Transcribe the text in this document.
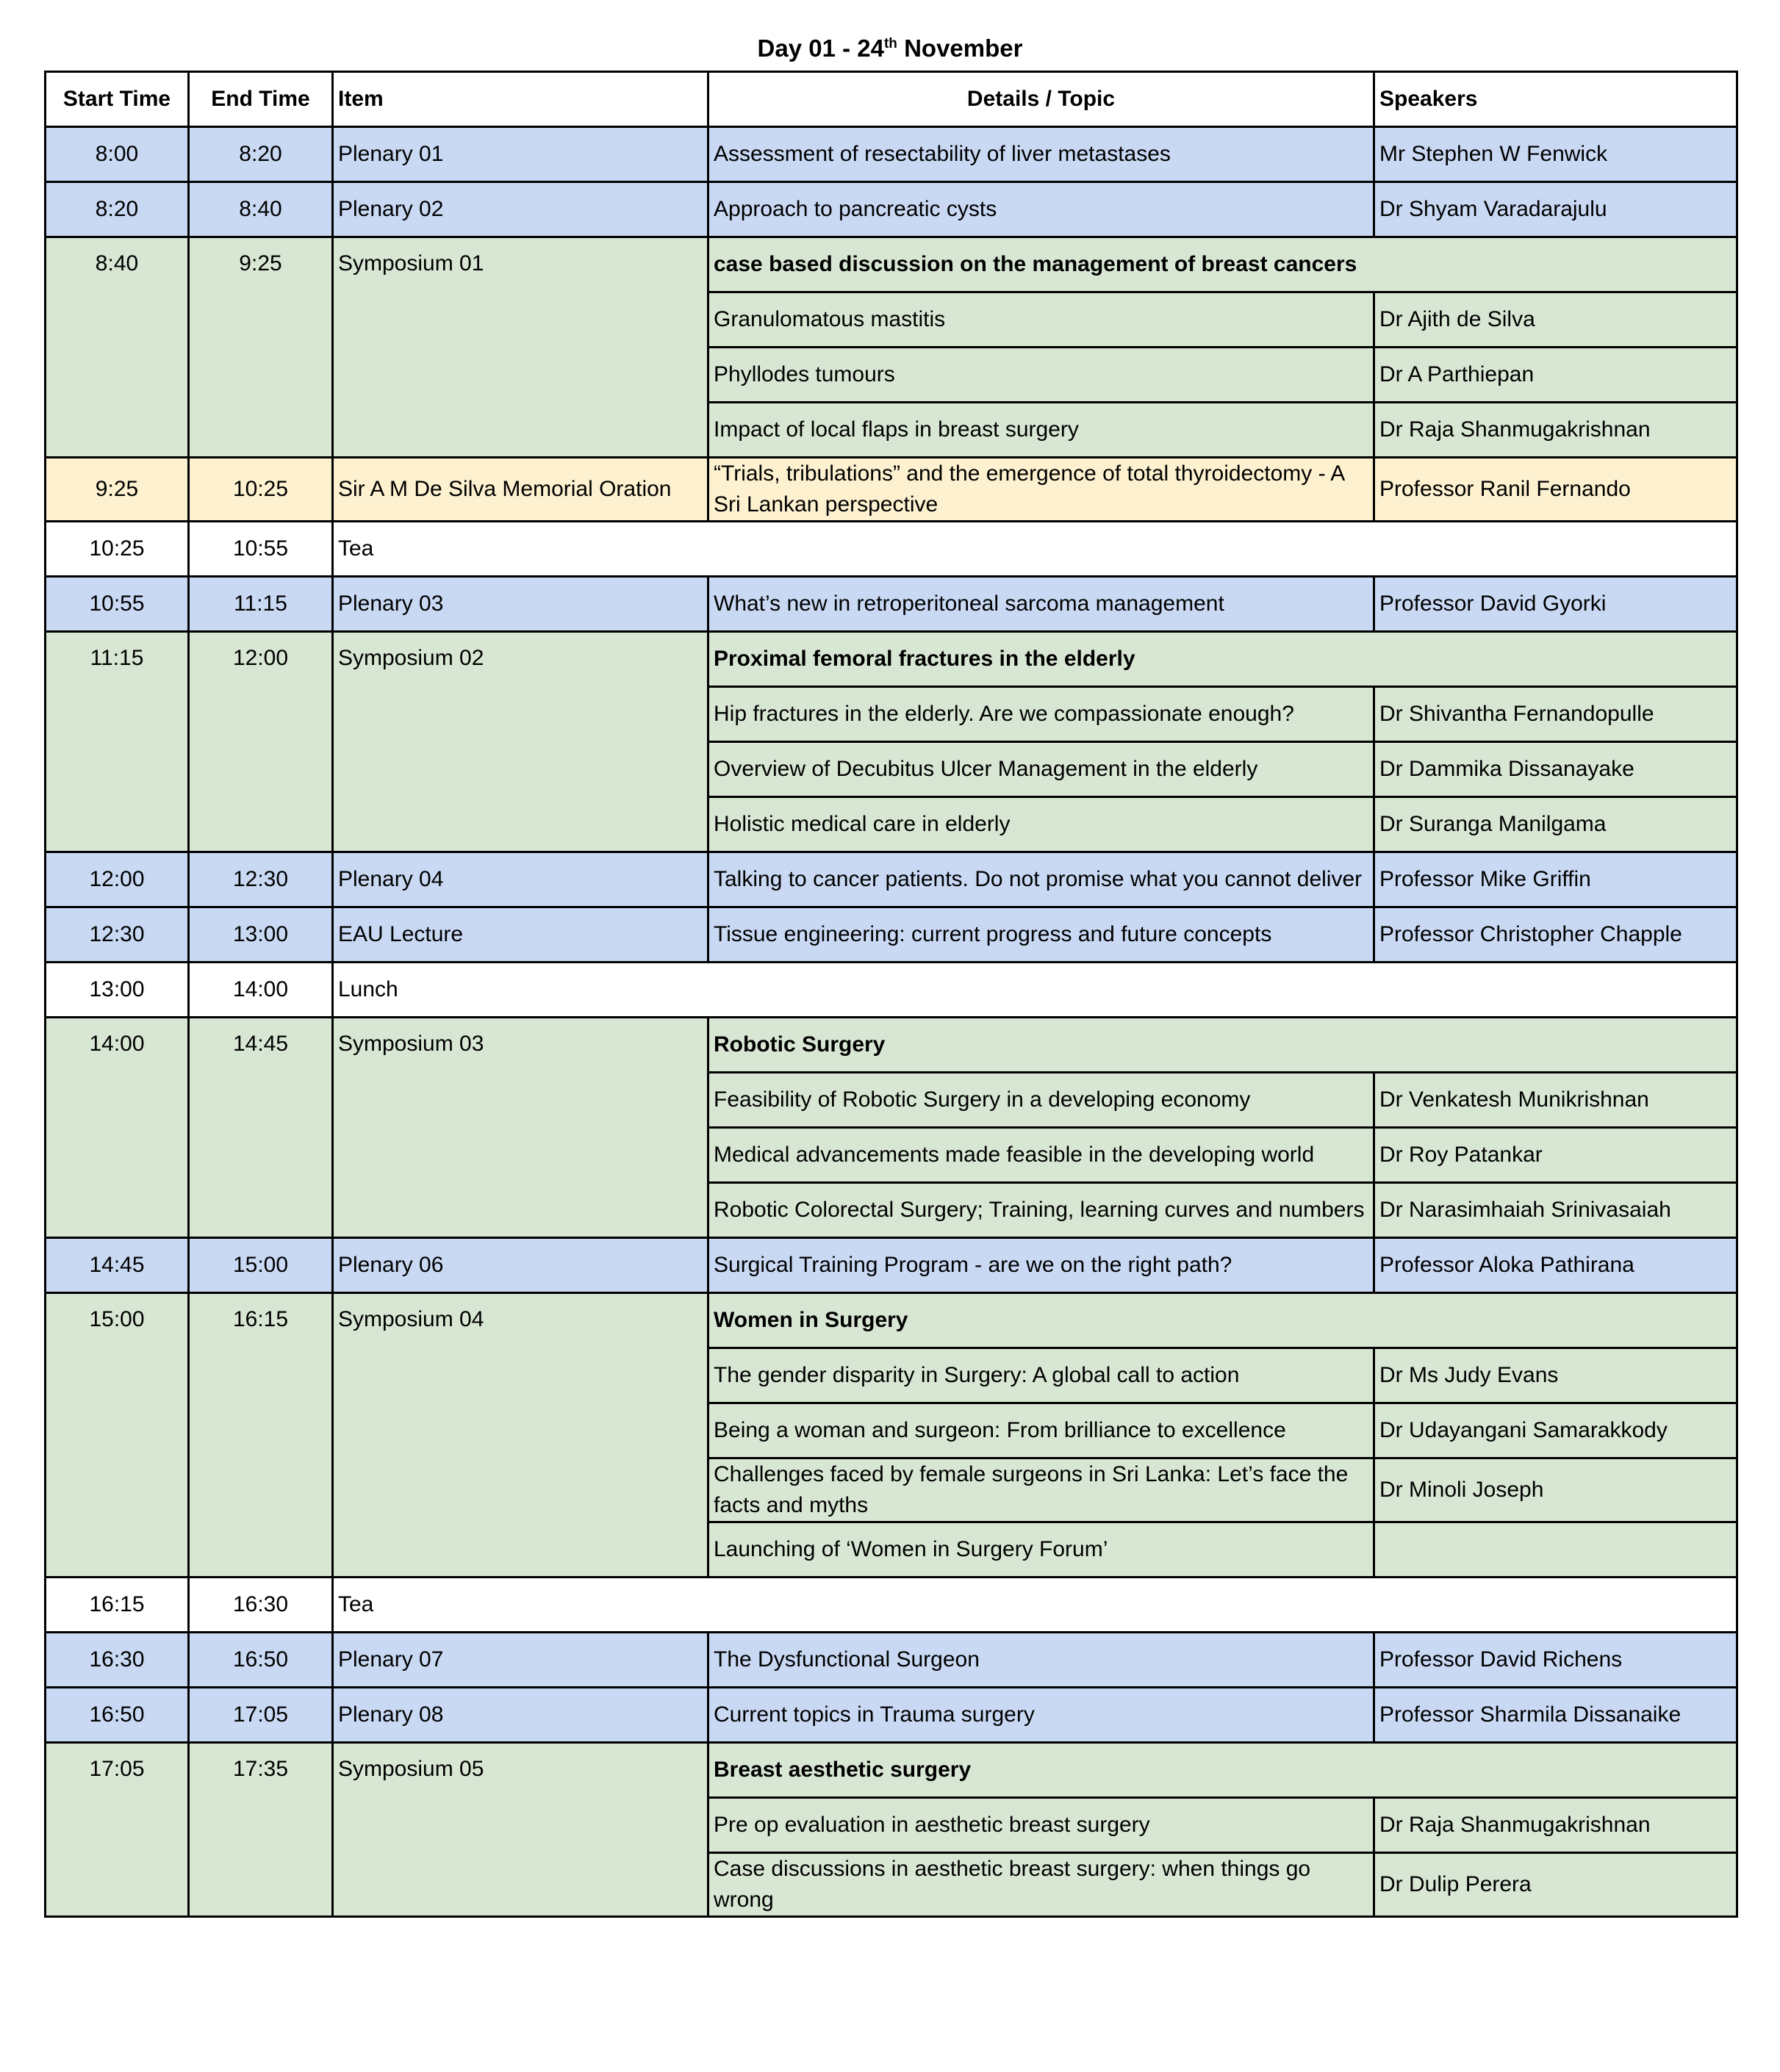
Day 01 - 24th November
Start Time	End Time	Item	Details / Topic	Speakers
8:00	8:20	Plenary 01	Assessment of resectability of liver metastases	Mr Stephen W Fenwick
8:20	8:40	Plenary 02	Approach to pancreatic cysts	Dr Shyam Varadarajulu
8:40	9:25	Symposium 01	case based discussion on the management of breast cancers	
			Granulomatous mastitis	Dr Ajith de Silva
			Phyllodes tumours	Dr A Parthiepan
			Impact of local flaps in breast surgery	Dr Raja Shanmugakrishnan
9:25	10:25	Sir A M De Silva Memorial Oration	“Trials, tribulations” and the emergence of total thyroidectomy - A Sri Lankan perspective	Professor Ranil Fernando
10:25	10:55	Tea		
10:55	11:15	Plenary 03	What’s new in retroperitoneal sarcoma management	Professor David Gyorki
11:15	12:00	Symposium 02	Proximal femoral fractures in the elderly	
			Hip fractures in the elderly. Are we compassionate enough?	Dr Shivantha Fernandopulle
			Overview of Decubitus Ulcer Management in the elderly	Dr Dammika Dissanayake
			Holistic medical care in elderly	Dr Suranga Manilgama
12:00	12:30	Plenary 04	Talking to cancer patients. Do not promise what you cannot deliver	Professor Mike Griffin
12:30	13:00	EAU Lecture	Tissue engineering: current progress and future concepts	Professor Christopher Chapple
13:00	14:00	Lunch		
14:00	14:45	Symposium 03	Robotic Surgery	
			Feasibility of Robotic Surgery in a developing economy	Dr Venkatesh Munikrishnan
			Medical advancements made feasible in the developing world	Dr Roy Patankar
			Robotic Colorectal Surgery; Training, learning curves and numbers	Dr Narasimhaiah Srinivasaiah
14:45	15:00	Plenary 06	Surgical Training Program - are we on the right path?	Professor Aloka Pathirana
15:00	16:15	Symposium 04	Women in Surgery	
			The gender disparity in Surgery: A global call to action	Dr Ms Judy Evans
			Being a woman and surgeon: From brilliance to excellence	Dr Udayangani Samarakkody
			Challenges faced by female surgeons in Sri Lanka: Let’s face the facts and myths	Dr Minoli Joseph
			Launching of ‘Women in Surgery Forum’	
16:15	16:30	Tea		
16:30	16:50	Plenary 07	The Dysfunctional Surgeon	Professor David Richens
16:50	17:05	Plenary 08	Current topics in Trauma surgery	Professor Sharmila Dissanaike
17:05	17:35	Symposium 05	Breast aesthetic surgery	
			Pre op evaluation in aesthetic breast surgery	Dr Raja Shanmugakrishnan
			Case discussions in aesthetic breast surgery: when things go wrong	Dr Dulip Perera
